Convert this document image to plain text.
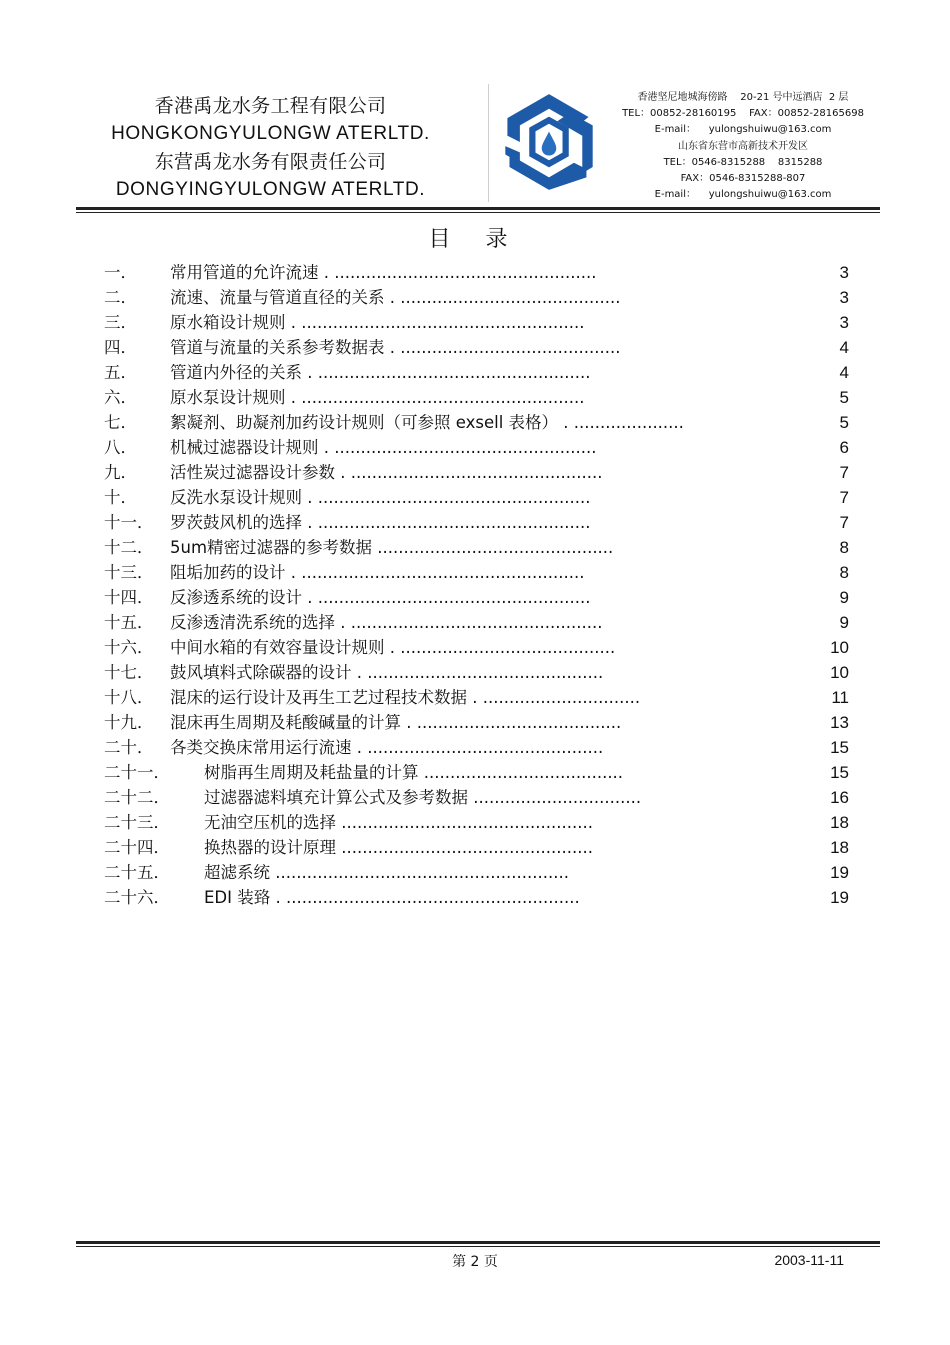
香港禹龙水务工程有限公司
HONGKONGYULONGW ATERLTD.
东营禹龙水务有限责任公司
DONGYINGYULONGW ATERLTD.
香港坚尼地城海傍路    20-21 号中远酒店  2 层
TEL：00852-28160195    FAX：00852-28165698
E-mail：    yulongshuiwu@163.com
山东省东营市高新技术开发区
TEL：0546-8315288    8315288
FAX：0546-8315288-807
E-mail：    yulongshuiwu@163.com
目 录
一． 常用管道的允许流速 . ..................................................	3
二． 流速、流量与管道直径的关系 . ..........................................	3
三． 原水箱设计规则 . ......................................................	3
四． 管道与流量的关系参考数据表 . ..........................................	4
五． 管道内外径的关系 . ....................................................	4
六． 原水泵设计规则 . ......................................................	5
七． 絮凝剂、助凝剂加药设计规则（可参照 exsell 表格） . .....................	5
八． 机械过滤器设计规则 . ..................................................	6
九． 活性炭过滤器设计参数 . ................................................	7
十． 反洗水泵设计规则 . ....................................................	7
十一． 罗茨鼓风机的选择 . ....................................................	7
十二． 5um精密过滤器的参考数据 .............................................	8
十三． 阻垢加药的设计 . ......................................................	8
十四． 反渗透系统的设计 . ....................................................	9
十五． 反渗透清洗系统的选择 . ................................................	9
十六． 中间水箱的有效容量设计规则 . .........................................	10
十七． 鼓风填料式除碳器的设计 . .............................................	10
十八． 混床的运行设计及再生工艺过程技术数据 . ..............................	11
十九． 混床再生周期及耗酸碱量的计算 . .......................................	13
二十． 各类交换床常用运行流速 . .............................................	15
二十一． 树脂再生周期及耗盐量的计算 ......................................	15
二十二． 过滤器滤料填充计算公式及参考数据 ................................	16
二十三． 无油空压机的选择 ................................................	18
二十四． 换热器的设计原理 ................................................	18
二十五． 超滤系统 ........................................................	19
二十六． EDI 装臵 . ........................................................	19
第 2 页	2003-11-11
